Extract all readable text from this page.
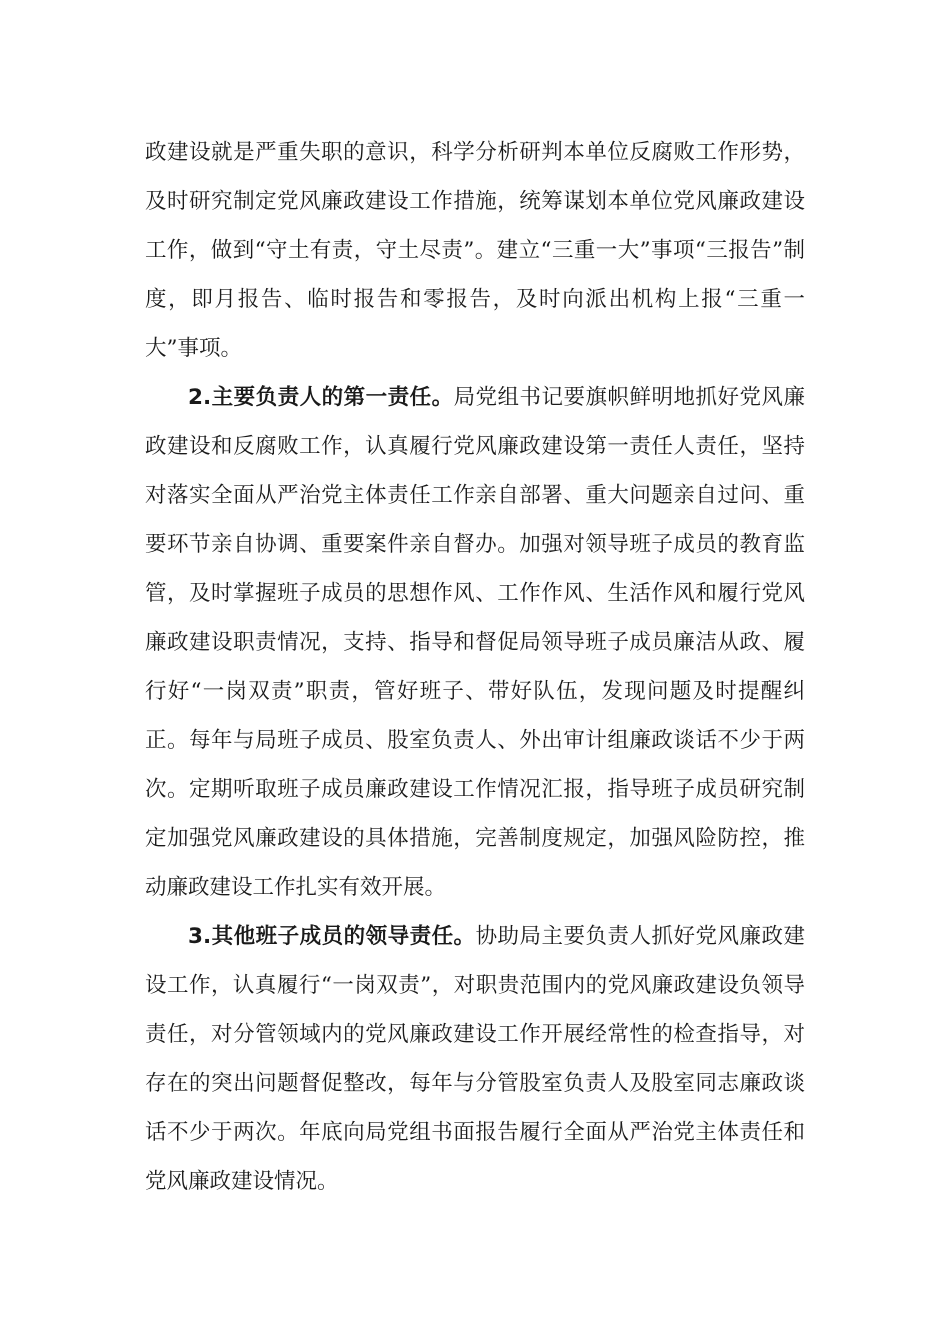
政建设就是严重失职的意识，科学分析研判本单位反腐败工作形势，及时研究制定党风廉政建设工作措施，统筹谋划本单位党风廉政建设工作，做到“守土有责，守土尽责”。建立“三重一大”事项“三报告”制度，即月报告、临时报告和零报告，及时向派出机构上报“三重一大”事项。

2.主要负责人的第一责任。局党组书记要旗帜鲜明地抓好党风廉政建设和反腐败工作，认真履行党风廉政建设第一责任人责任，坚持对落实全面从严治党主体责任工作亲自部署、重大问题亲自过问、重要环节亲自协调、重要案件亲自督办。加强对领导班子成员的教育监管，及时掌握班子成员的思想作风、工作作风、生活作风和履行党风廉政建设职责情况，支持、指导和督促局领导班子成员廉洁从政、履行好“一岗双责”职责，管好班子、带好队伍，发现问题及时提醒纠正。每年与局班子成员、股室负责人、外出审计组廉政谈话不少于两次。定期听取班子成员廉政建设工作情况汇报，指导班子成员研究制定加强党风廉政建设的具体措施，完善制度规定，加强风险防控，推动廉政建设工作扎实有效开展。

3.其他班子成员的领导责任。协助局主要负责人抓好党风廉政建设工作，认真履行“一岗双责”，对职贵范围内的党风廉政建设负领导责任，对分管领域内的党风廉政建设工作开展经常性的检查指导，对存在的突出问题督促整改，每年与分管股室负责人及股室同志廉政谈话不少于两次。年底向局党组书面报告履行全面从严治党主体责任和党风廉政建设情况。
